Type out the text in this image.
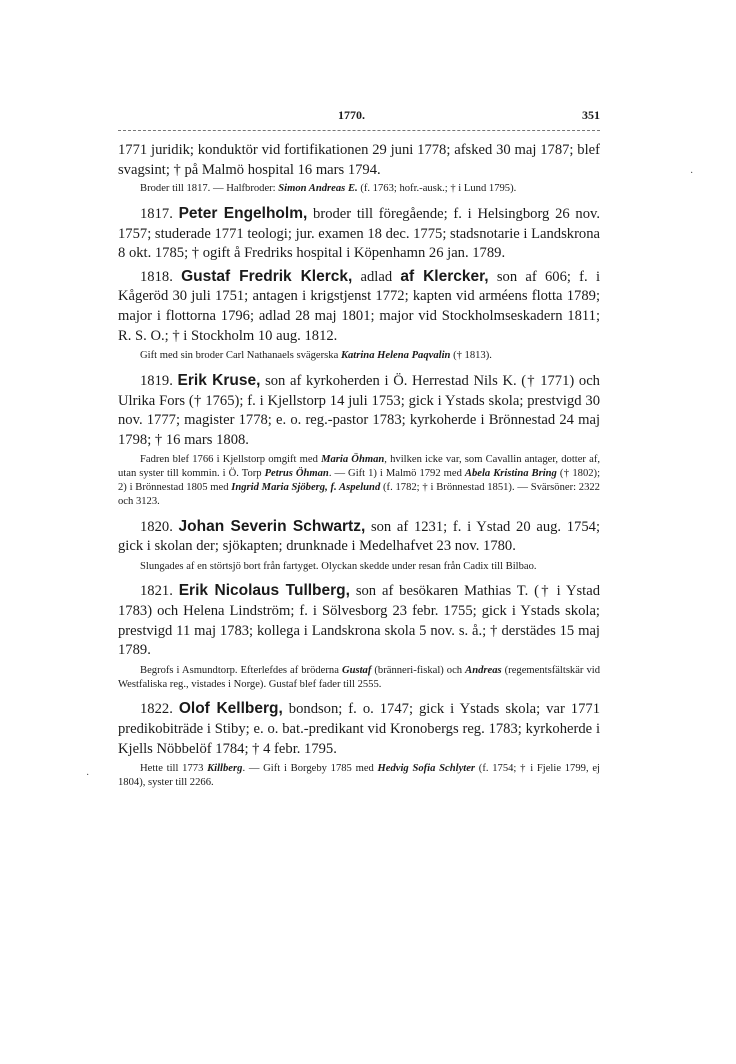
1770.	351

1771 juridik; konduktör vid fortifikationen 29 juni 1778; afsked 30 maj 1787; blef svagsint; † på Malmö hospital 16 mars 1794.

Broder till 1817. — Halfbroder: Simon Andreas E. (f. 1763; hofr.-ausk.; † i Lund 1795).

1817. Peter Engelholm, broder till föregående; f. i Helsingborg 26 nov. 1757; studerade 1771 teologi; jur. examen 18 dec. 1775; stadsnotarie i Landskrona 8 okt. 1785; † ogift å Fredriks hospital i Köpenhamn 26 jan. 1789.

1818. Gustaf Fredrik Klerck, adlad af Klercker, son af 606; f. i Kågeröd 30 juli 1751; antagen i krigstjenst 1772; kapten vid arméens flotta 1789; major i flottorna 1796; adlad 28 maj 1801; major vid Stockholmseskadern 1811; R. S. O.; † i Stockholm 10 aug. 1812.

Gift med sin broder Carl Nathanaels svägerska Katrina Helena Paqvalin († 1813).

1819. Erik Kruse, son af kyrkoherden i Ö. Herrestad Nils K. († 1771) och Ulrika Fors († 1765); f. i Kjellstorp 14 juli 1753; gick i Ystads skola; prestvigd 30 nov. 1777; magister 1778; e. o. reg.-pastor 1783; kyrkoherde i Brönnestad 24 maj 1798; † 16 mars 1808.

Fadren blef 1766 i Kjellstorp omgift med Maria Öhman, hvilken icke var, som Cavallin antager, dotter af, utan syster till kommin. i Ö. Torp Petrus Öhman. — Gift 1) i Malmö 1792 med Abela Kristina Bring († 1802); 2) i Brönnestad 1805 med Ingrid Maria Sjöberg, f. Aspelund (f. 1782; † i Brönnestad 1851). — Svärsöner: 2322 och 3123.

1820. Johan Severin Schwartz, son af 1231; f. i Ystad 20 aug. 1754; gick i skolan der; sjökapten; drunknade i Medelhafvet 23 nov. 1780.

Slungades af en störtsjö bort från fartyget. Olyckan skedde under resan från Cadix till Bilbao.

1821. Erik Nicolaus Tullberg, son af besökaren Mathias T. († i Ystad 1783) och Helena Lindström; f. i Sölvesborg 23 febr. 1755; gick i Ystads skola; prestvigd 11 maj 1783; kollega i Landskrona skola 5 nov. s. å.; † derstädes 15 maj 1789.

Begrofs i Asmundtorp. Efterlefdes af bröderna Gustaf (bränneri-fiskal) och Andreas (regementsfältskär vid Westfaliska reg., vistades i Norge). Gustaf blef fader till 2555.

1822. Olof Kellberg, bondson; f. o. 1747; gick i Ystads skola; var 1771 predikobiträde i Stiby; e. o. bat.-predikant vid Kronobergs reg. 1783; kyrkoherde i Kjells Nöbbelöf 1784; † 4 febr. 1795.

Hette till 1773 Killberg. — Gift i Borgeby 1785 med Hedvig Sofia Schlyter (f. 1754; † i Fjelie 1799, ej 1804), syster till 2266.

·
·
